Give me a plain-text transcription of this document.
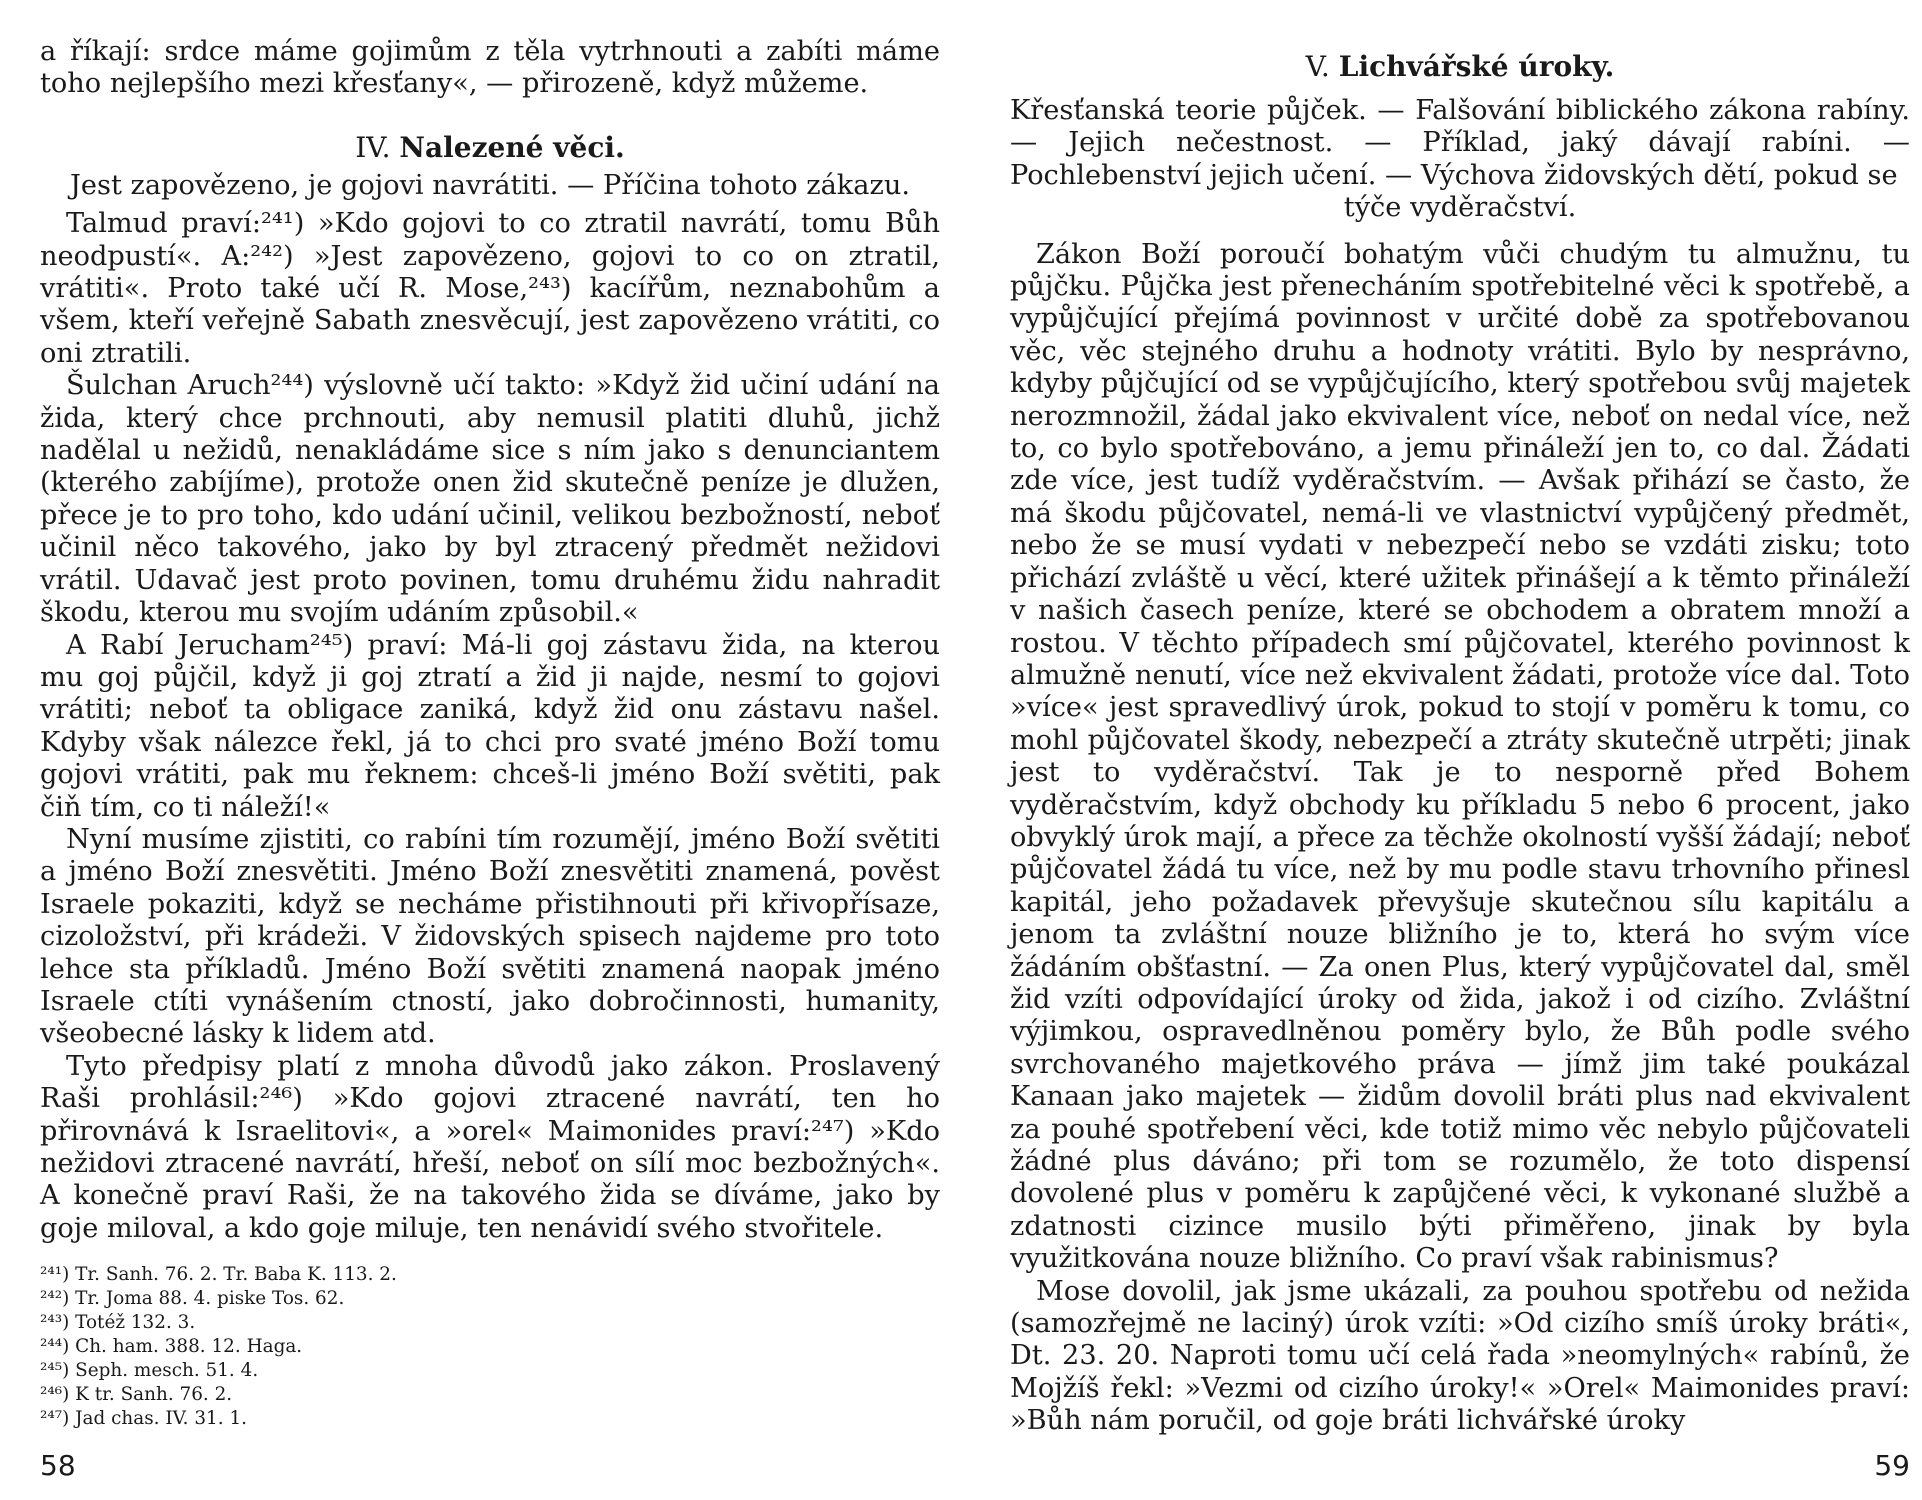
a říkají: srdce máme gojimům z těla vytrhnouti a zabíti máme toho nejlepšího mezi křesťany«, — přirozeně, když můžeme.

IV. Nalezené věci.

Jest zapovězeno, je gojovi navrátiti. — Příčina tohoto zákazu.

Talmud praví:²⁴¹) »Kdo gojovi to co ztratil navrátí, tomu Bůh neodpustí«. A:²⁴²) »Jest zapovězeno, gojovi to co on ztratil, vrátiti«. Proto také učí R. Mose,²⁴³) kacířům, neznabohům a všem, kteří veřejně Sabath znesvěcují, jest zapovězeno vrátiti, co oni ztratili.

Šulchan Aruch²⁴⁴) výslovně učí takto: »Když žid učiní udání na žida, který chce prchnouti, aby nemusil platiti dluhů, jichž nadělal u nežidů, nenakládáme sice s ním jako s denunciantem (kterého zabíjíme), protože onen žid skutečně peníze je dlužen, přece je to pro toho, kdo udání učinil, velikou bezbožností, neboť učinil něco takového, jako by byl ztracený předmět nežidovi vrátil. Udavač jest proto povinen, tomu druhému židu nahradit škodu, kterou mu svojím udáním způsobil.«

A Rabí Jerucham²⁴⁵) praví: Má-li goj zástavu žida, na kterou mu goj půjčil, když ji goj ztratí a žid ji najde, nesmí to gojovi vrátiti; neboť ta obligace zaniká, když žid onu zástavu našel. Kdyby však nálezce řekl, já to chci pro svaté jméno Boží tomu gojovi vrátiti, pak mu řeknem: chceš-li jméno Boží světiti, pak čiň tím, co ti náleží!«

Nyní musíme zjistiti, co rabíni tím rozumějí, jméno Boží světiti a jméno Boží znesvětiti. Jméno Boží znesvětiti znamená, pověst Israele pokaziti, když se necháme přistihnouti při křivopřísaze, cizoložství, při krádeži. V židovských spisech najdeme pro toto lehce sta příkladů. Jméno Boží světiti znamená naopak jméno Israele ctíti vynášením ctností, jako dobročinnosti, humanity, všeobecné lásky k lidem atd.

Tyto předpisy platí z mnoha důvodů jako zákon. Proslavený Raši prohlásil:²⁴⁶) »Kdo gojovi ztracené navrátí, ten ho přirovnává k Israelitovi«, a »orel« Maimonides praví:²⁴⁷) »Kdo nežidovi ztracené navrátí, hřeší, neboť on sílí moc bezbožných«. A konečně praví Raši, že na takového žida se díváme, jako by goje miloval, a kdo goje miluje, ten nenávidí svého stvořitele.

²⁴¹) Tr. Sanh. 76. 2. Tr. Baba K. 113. 2.
²⁴²) Tr. Joma 88. 4. piske Tos. 62.
²⁴³) Totéž 132. 3.
²⁴⁴) Ch. ham. 388. 12. Haga.
²⁴⁵) Seph. mesch. 51. 4.
²⁴⁶) K tr. Sanh. 76. 2.
²⁴⁷) Jad chas. IV. 31. 1.
58

V. Lichvářské úroky.

Křesťanská teorie půjček. — Falšování biblického zákona rabíny. — Jejich nečestnost. — Příklad, jaký dávají rabíni. — Pochlebenství jejich učení. — Výchova židovských dětí, pokud se

týče vyděračství.

Zákon Boží poroučí bohatým vůči chudým tu almužnu, tu půjčku. Půjčka jest přenecháním spotřebitelné věci k spotřebě, a vypůjčující přejímá povinnost v určité době za spotřebovanou věc, věc stejného druhu a hodnoty vrátiti. Bylo by nesprávno, kdyby půjčující od se vypůjčujícího, který spotřebou svůj majetek nerozmnožil, žádal jako ekvivalent více, neboť on nedal více, než to, co bylo spotřebováno, a jemu přináleží jen to, co dal. Žádati zde více, jest tudíž vyděračstvím. — Avšak přihází se často, že má škodu půjčovatel, nemá-li ve vlastnictví vypůjčený předmět, nebo že se musí vydati v nebezpečí nebo se vzdáti zisku; toto přichází zvláště u věcí, které užitek přinášejí a k těmto přináleží v našich časech peníze, které se obchodem a obratem množí a rostou. V těchto případech smí půjčovatel, kterého povinnost k almužně nenutí, více než ekvivalent žádati, protože více dal. Toto »více« jest spravedlivý úrok, pokud to stojí v poměru k tomu, co mohl půjčovatel škody, nebezpečí a ztráty skutečně utrpěti; jinak jest to vyděračství. Tak je to nesporně před Bohem vyděračstvím, když obchody ku příkladu 5 nebo 6 procent, jako obvyklý úrok mají, a přece za těchže okolností vyšší žádají; neboť půjčovatel žádá tu více, než by mu podle stavu trhovního přinesl kapitál, jeho požadavek převyšuje skutečnou sílu kapitálu a jenom ta zvláštní nouze bližního je to, která ho svým více žádáním obšťastní. — Za onen Plus, který vypůjčovatel dal, směl žid vzíti odpovídající úroky od žida, jakož i od cizího. Zvláštní výjimkou, ospravedlněnou poměry bylo, že Bůh podle svého svrchovaného majetkového práva — jímž jim také poukázal Kanaan jako majetek — židům dovolil bráti plus nad ekvivalent za pouhé spotřebení věci, kde totiž mimo věc nebylo půjčovateli žádné plus dáváno; při tom se rozumělo, že toto dispensí dovolené plus v poměru k zapůjčené věci, k vykonané službě a zdatnosti cizince musilo býti přiměřeno, jinak by byla využitkována nouze bližního. Co praví však rabinismus?

Mose dovolil, jak jsme ukázali, za pouhou spotřebu od nežida (samozřejmě ne laciný) úrok vzíti: »Od cizího smíš úroky bráti«, Dt. 23. 20. Naproti tomu učí celá řada »neomylných« rabínů, že Mojžíš řekl: »Vezmi od cizího úroky!« »Orel« Maimonides praví: »Bůh nám poručil, od goje bráti lichvářské úroky

59
